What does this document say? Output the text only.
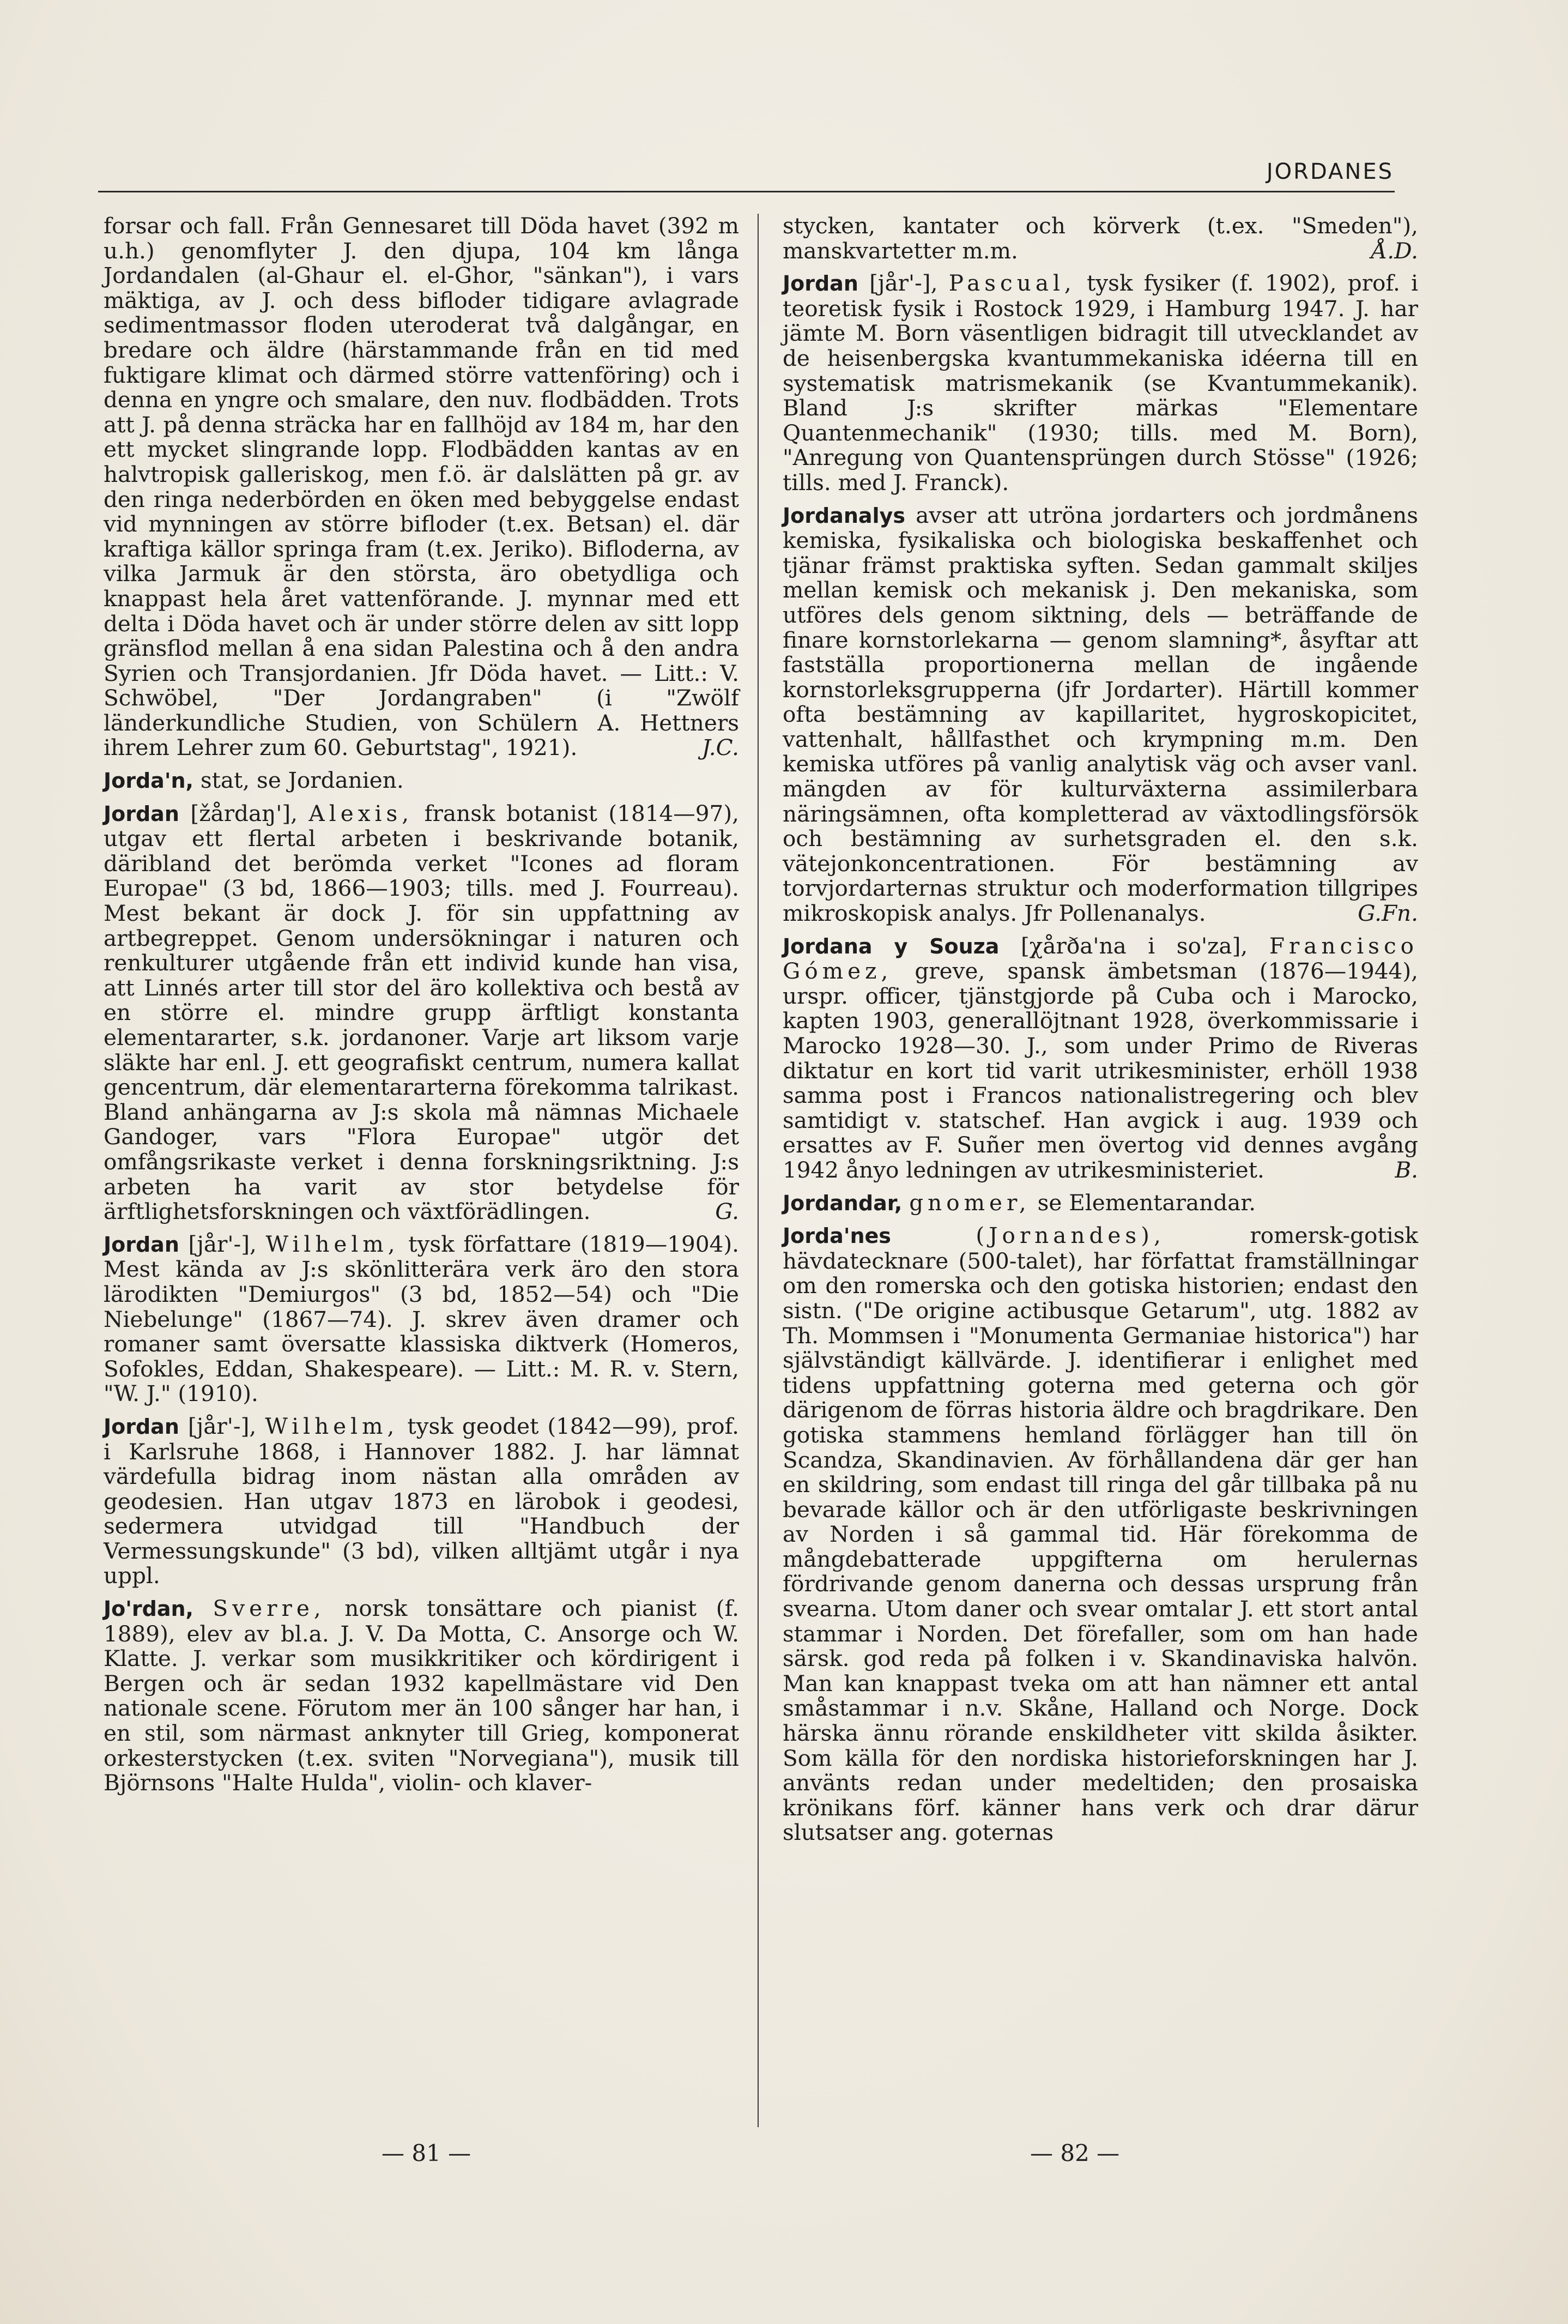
JORDANES

forsar och fall. Från Gennesaret till Döda havet (392 m u.h.) genomflyter J. den djupa, 104 km långa Jordandalen (al-Ghaur el. el-Ghor, "sänkan"), i vars mäktiga, av J. och dess bifloder tidigare avlagrade sedimentmassor floden uteroderat två dalgångar, en bredare och äldre (härstammande från en tid med fuktigare klimat och därmed större vattenföring) och i denna en yngre och smalare, den nuv. flodbädden. Trots att J. på denna sträcka har en fallhöjd av 184 m, har den ett mycket slingrande lopp. Flodbädden kantas av en halvtropisk galleriskog, men f.ö. är dalslätten på gr. av den ringa nederbörden en öken med bebyggelse endast vid mynningen av större bifloder (t.ex. Betsan) el. där kraftiga källor springa fram (t.ex. Jeriko). Bifloderna, av vilka Jarmuk är den största, äro obetydliga och knappast hela året vattenförande. J. mynnar med ett delta i Döda havet och är under större delen av sitt lopp gränsflod mellan å ena sidan Palestina och å den andra Syrien och Transjordanien. Jfr Döda havet. — Litt.: V. Schwöbel, "Der Jordangraben" (i "Zwölf länderkundliche Studien, von Schülern A. Hettners ihrem Lehrer zum 60. Geburtstag", 1921).	J.C.

Jorda'n, stat, se Jordanien.

Jordan [žårdaŋ'], Alexis, fransk botanist (1814—97), utgav ett flertal arbeten i beskrivande botanik, däribland det berömda verket "Icones ad floram Europae" (3 bd, 1866—1903; tills. med J. Fourreau). Mest bekant är dock J. för sin uppfattning av artbegreppet. Genom undersökningar i naturen och renkulturer utgående från ett individ kunde han visa, att Linnés arter till stor del äro kollektiva och bestå av en större el. mindre grupp ärftligt konstanta elementararter, s.k. jordanoner. Varje art liksom varje släkte har enl. J. ett geografiskt centrum, numera kallat gencentrum, där elementararterna förekomma talrikast. Bland anhängarna av J:s skola må nämnas Michaele Gandoger, vars "Flora Europae" utgör det omfångsrikaste verket i denna forskningsriktning. J:s arbeten ha varit av stor betydelse för ärftlighetsforskningen och växtförädlingen.	G.

Jordan [jår'-], Wilhelm, tysk författare (1819—1904). Mest kända av J:s skönlitterära verk äro den stora lärodikten "Demiurgos" (3 bd, 1852—54) och "Die Niebelunge" (1867—74). J. skrev även dramer och romaner samt översatte klassiska diktverk (Homeros, Sofokles, Eddan, Shakespeare). — Litt.: M. R. v. Stern, "W. J." (1910).

Jordan [jår'-], Wilhelm, tysk geodet (1842—99), prof. i Karlsruhe 1868, i Hannover 1882. J. har lämnat värdefulla bidrag inom nästan alla områden av geodesien. Han utgav 1873 en lärobok i geodesi, sedermera utvidgad till "Handbuch der Vermessungskunde" (3 bd), vilken alltjämt utgår i nya uppl.

Jo'rdan, Sverre, norsk tonsättare och pianist (f. 1889), elev av bl.a. J. V. Da Motta, C. Ansorge och W. Klatte. J. verkar som musikkritiker och kördirigent i Bergen och är sedan 1932 kapellmästare vid Den nationale scene. Förutom mer än 100 sånger har han, i en stil, som närmast anknyter till Grieg, komponerat orkesterstycken (t.ex. sviten "Norvegiana"), musik till Björnsons "Halte Hulda", violin- och klaver-

stycken, kantater och körverk (t.ex. "Smeden"), manskvartetter m.m.	Å.D.

Jordan [jår'-], Pascual, tysk fysiker (f. 1902), prof. i teoretisk fysik i Rostock 1929, i Hamburg 1947. J. har jämte M. Born väsentligen bidragit till utvecklandet av de heisenbergska kvantummekaniska idéerna till en systematisk matrismekanik (se Kvantummekanik). Bland J:s skrifter märkas "Elementare Quantenmechanik" (1930; tills. med M. Born), "Anregung von Quantensprüngen durch Stösse" (1926; tills. med J. Franck).

Jordanalys avser att utröna jordarters och jordmånens kemiska, fysikaliska och biologiska beskaffenhet och tjänar främst praktiska syften. Sedan gammalt skiljes mellan kemisk och mekanisk j. Den mekaniska, som utföres dels genom siktning, dels — beträffande de finare kornstorlekarna — genom slamning*, åsyftar att fastställa proportionerna mellan de ingående kornstorleksgrupperna (jfr Jordarter). Härtill kommer ofta bestämning av kapillaritet, hygroskopicitet, vattenhalt, hållfasthet och krympning m.m. Den kemiska utföres på vanlig analytisk väg och avser vanl. mängden av för kulturväxterna assimilerbara näringsämnen, ofta kompletterad av växtodlingsförsök och bestämning av surhetsgraden el. den s.k. vätejonkoncentrationen. För bestämning av torvjordarternas struktur och moderformation tillgripes mikroskopisk analys. Jfr Pollenanalys.	G.Fn.

Jordana y Souza [χårða'na i so'za], Francisco Gómez, greve, spansk ämbetsman (1876—1944), urspr. officer, tjänstgjorde på Cuba och i Marocko, kapten 1903, generallöjtnant 1928, överkommissarie i Marocko 1928—30. J., som under Primo de Riveras diktatur en kort tid varit utrikesminister, erhöll 1938 samma post i Francos nationalistregering och blev samtidigt v. statschef. Han avgick i aug. 1939 och ersattes av F. Suñer men övertog vid dennes avgång 1942 ånyo ledningen av utrikesministeriet.	B.

Jordandar, gnomer, se Elementarandar.

Jorda'nes	(Jornandes),	romersk-gotisk hävdatecknare (500-talet), har författat framställningar om den romerska och den gotiska historien; endast den sistn. ("De origine actibusque Getarum", utg. 1882 av Th. Mommsen i "Monumenta Germaniae historica") har självständigt källvärde. J. identifierar i enlighet med tidens uppfattning goterna med geterna och gör därigenom de förras historia äldre och bragdrikare. Den gotiska stammens hemland förlägger han till ön Scandza, Skandinavien. Av förhållandena där ger han en skildring, som endast till ringa del går tillbaka på nu bevarade källor och är den utförligaste beskrivningen av Norden i så gammal tid. Här förekomma de mångdebatterade uppgifterna om herulernas fördrivande genom danerna och dessas ursprung från svearna. Utom daner och svear omtalar J. ett stort antal stammar i Norden. Det förefaller, som om han hade särsk. god reda på folken i v. Skandinaviska halvön. Man kan knappast tveka om att han nämner ett antal småstammar i n.v. Skåne, Halland och Norge. Dock härska ännu rörande enskildheter vitt skilda åsikter. Som källa för den nordiska historieforskningen har J. använts redan under medeltiden; den prosaiska krönikans förf. känner hans verk och drar därur slutsatser ang. goternas

— 81 —	— 82 —
